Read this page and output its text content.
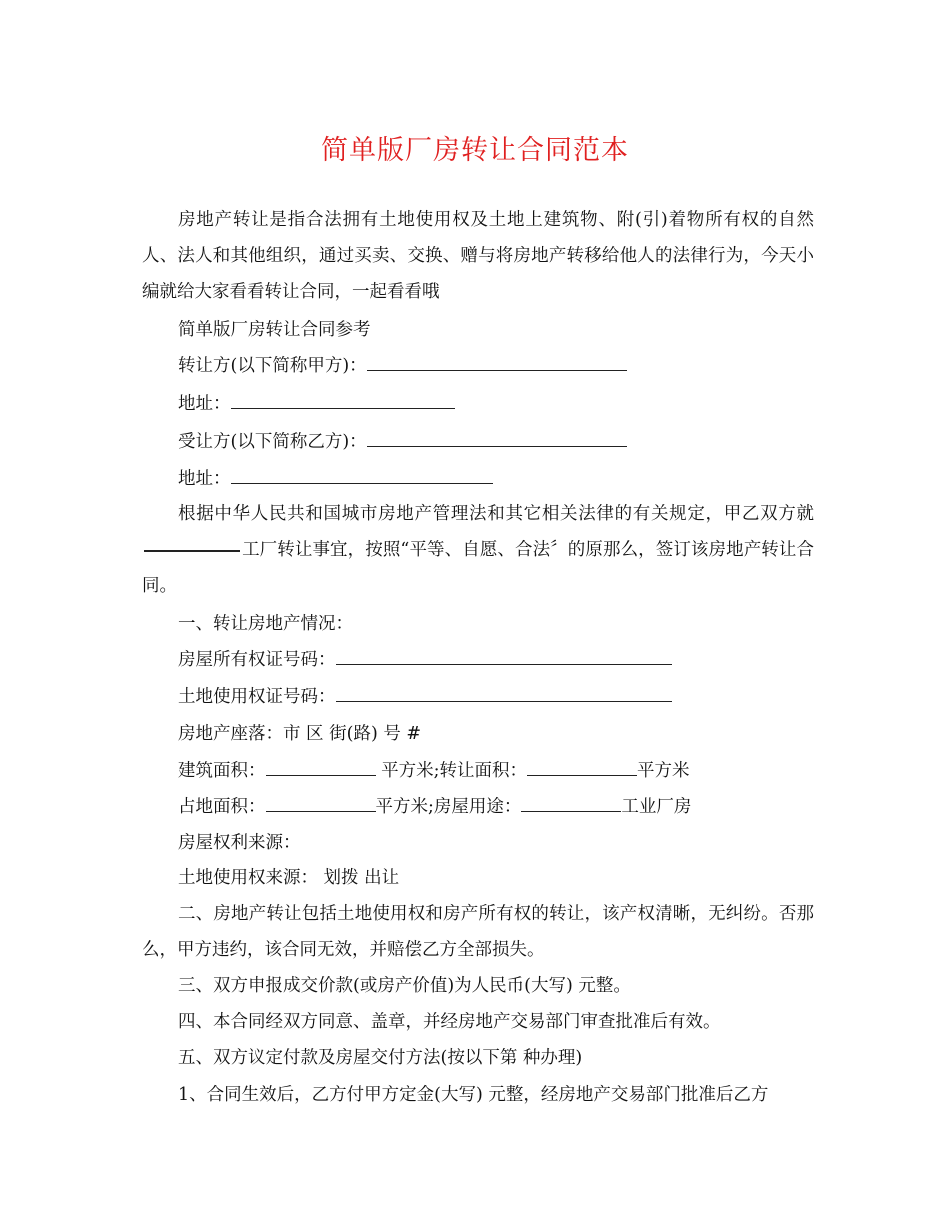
简单版厂房转让合同范本

房地产转让是指合法拥有土地使用权及土地上建筑物、附(引)着物所有权的自然人、法人和其他组织，通过买卖、交换、赠与将房地产转移给他人的法律行为，今天小编就给大家看看转让合同，一起看看哦

简单版厂房转让合同参考

转让方(以下简称甲方)：

地址：

受让方(以下简称乙方)：

地址：

根据中华人民共和国城市房地产管理法和其它相关法律的有关规定，甲乙双方就工厂转让事宜，按照“平等、自愿、合法〞的原那么，签订该房地产转让合同。

一、转让房地产情况：

房屋所有权证号码：

土地使用权证号码：

房地产座落：市 区 街(路) 号 #

建筑面积：	平方米;转让面积：	平方米

占地面积：	平方米;房屋用途：	工业厂房

房屋权利来源：

土地使用权来源： 划拨 出让

二、房地产转让包括土地使用权和房产所有权的转让，该产权清晰，无纠纷。否那么，甲方违约，该合同无效，并赔偿乙方全部损失。

三、双方申报成交价款(或房产价值)为人民币(大写) 元整。

四、本合同经双方同意、盖章，并经房地产交易部门审查批准后有效。

五、双方议定付款及房屋交付方法(按以下第 种办理)

1、合同生效后，乙方付甲方定金(大写) 元整，经房地产交易部门批准后乙方
